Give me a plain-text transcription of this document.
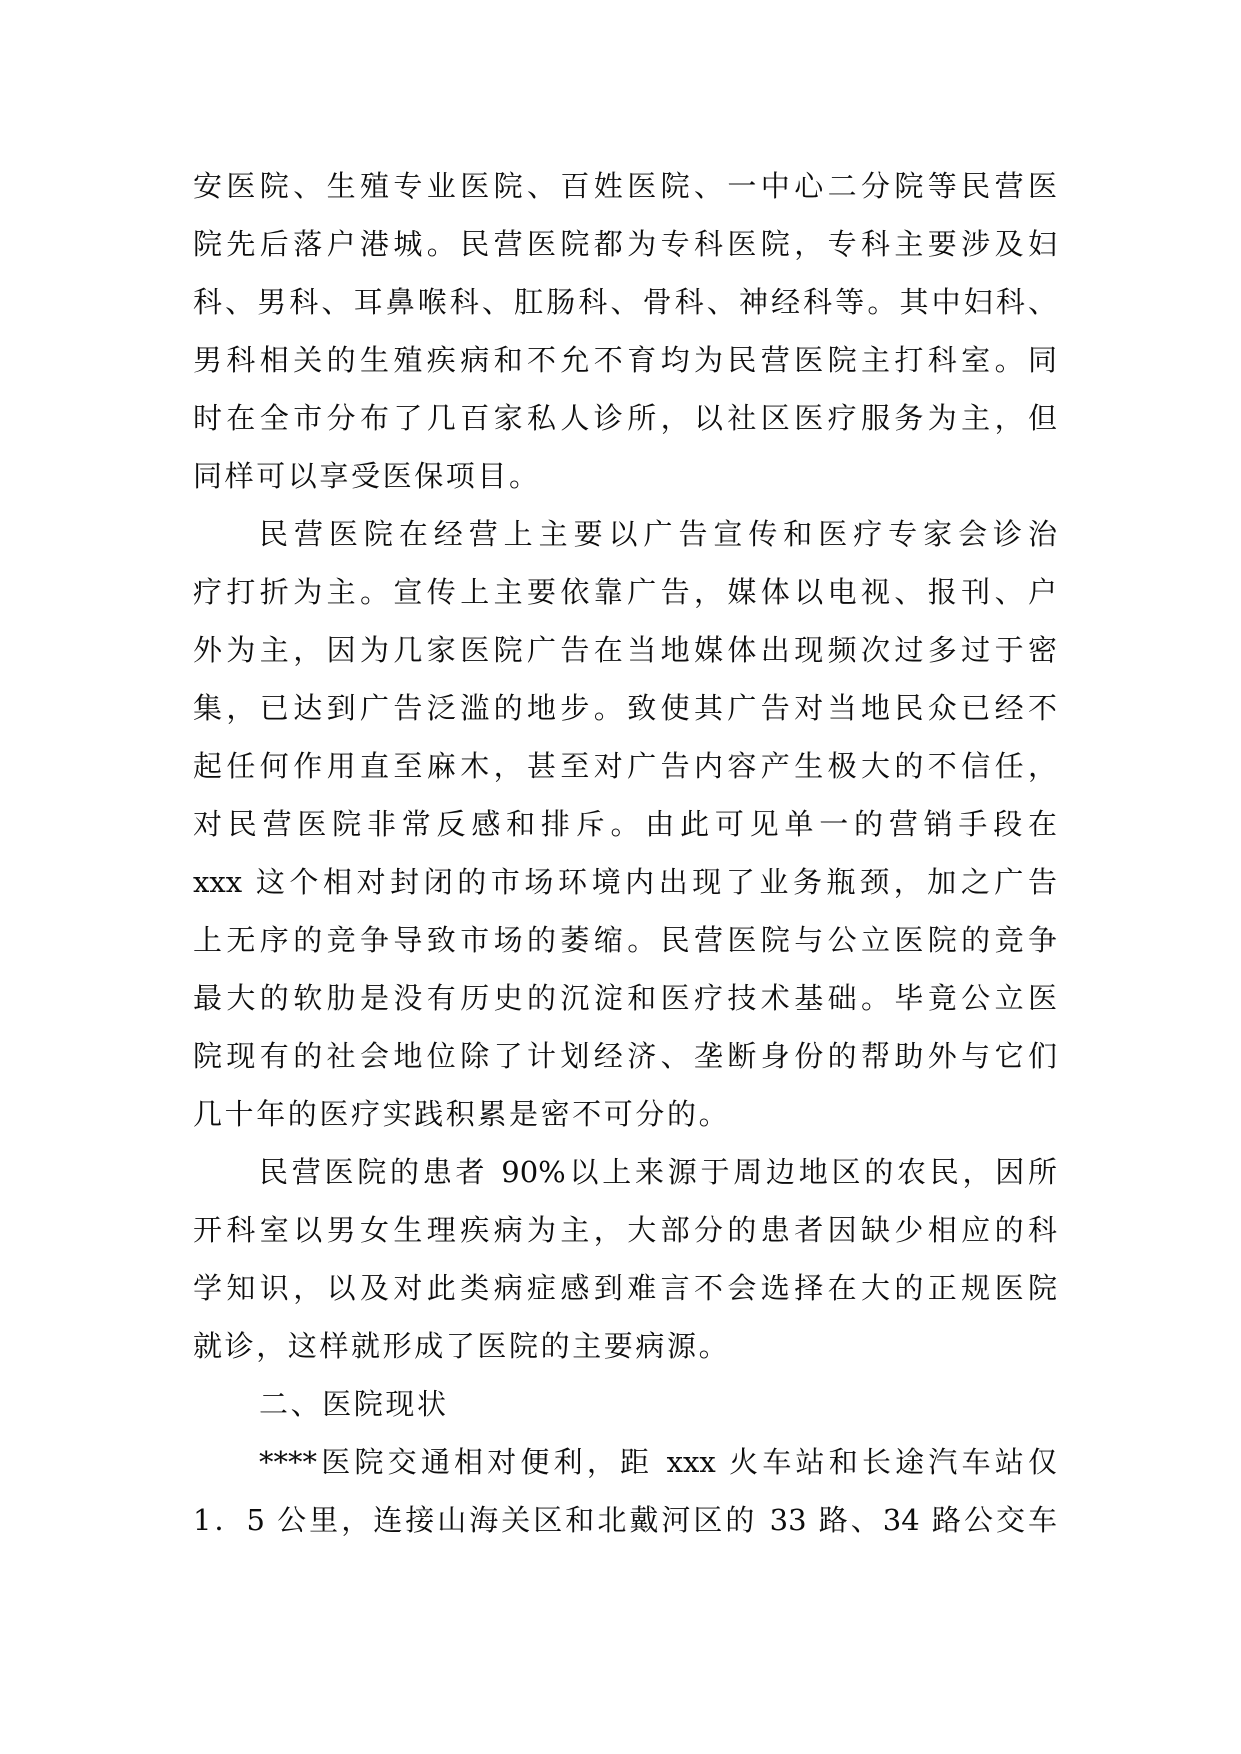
安医院、生殖专业医院、百姓医院、一中心二分院等民营医
院先后落户港城。民营医院都为专科医院，专科主要涉及妇
科、男科、耳鼻喉科、肛肠科、骨科、神经科等。其中妇科、
男科相关的生殖疾病和不允不育均为民营医院主打科室。同
时在全市分布了几百家私人诊所，以社区医疗服务为主，但
同样可以享受医保项目。
民营医院在经营上主要以广告宣传和医疗专家会诊治
疗打折为主。宣传上主要依靠广告，媒体以电视、报刊、户
外为主，因为几家医院广告在当地媒体出现频次过多过于密
集，已达到广告泛滥的地步。致使其广告对当地民众已经不
起任何作用直至麻木，甚至对广告内容产生极大的不信任，
对民营医院非常反感和排斥。由此可见单一的营销手段在
xxx 这个相对封闭的市场环境内出现了业务瓶颈，加之广告
上无序的竞争导致市场的萎缩。民营医院与公立医院的竞争
最大的软肋是没有历史的沉淀和医疗技术基础。毕竟公立医
院现有的社会地位除了计划经济、垄断身份的帮助外与它们
几十年的医疗实践积累是密不可分的。
民营医院的患者 90%以上来源于周边地区的农民，因所
开科室以男女生理疾病为主，大部分的患者因缺少相应的科
学知识，以及对此类病症感到难言不会选择在大的正规医院
就诊，这样就形成了医院的主要病源。
二、医院现状
****医院交通相对便利，距 xxx 火车站和长途汽车站仅
1．5 公里，连接山海关区和北戴河区的 33 路、34 路公交车
